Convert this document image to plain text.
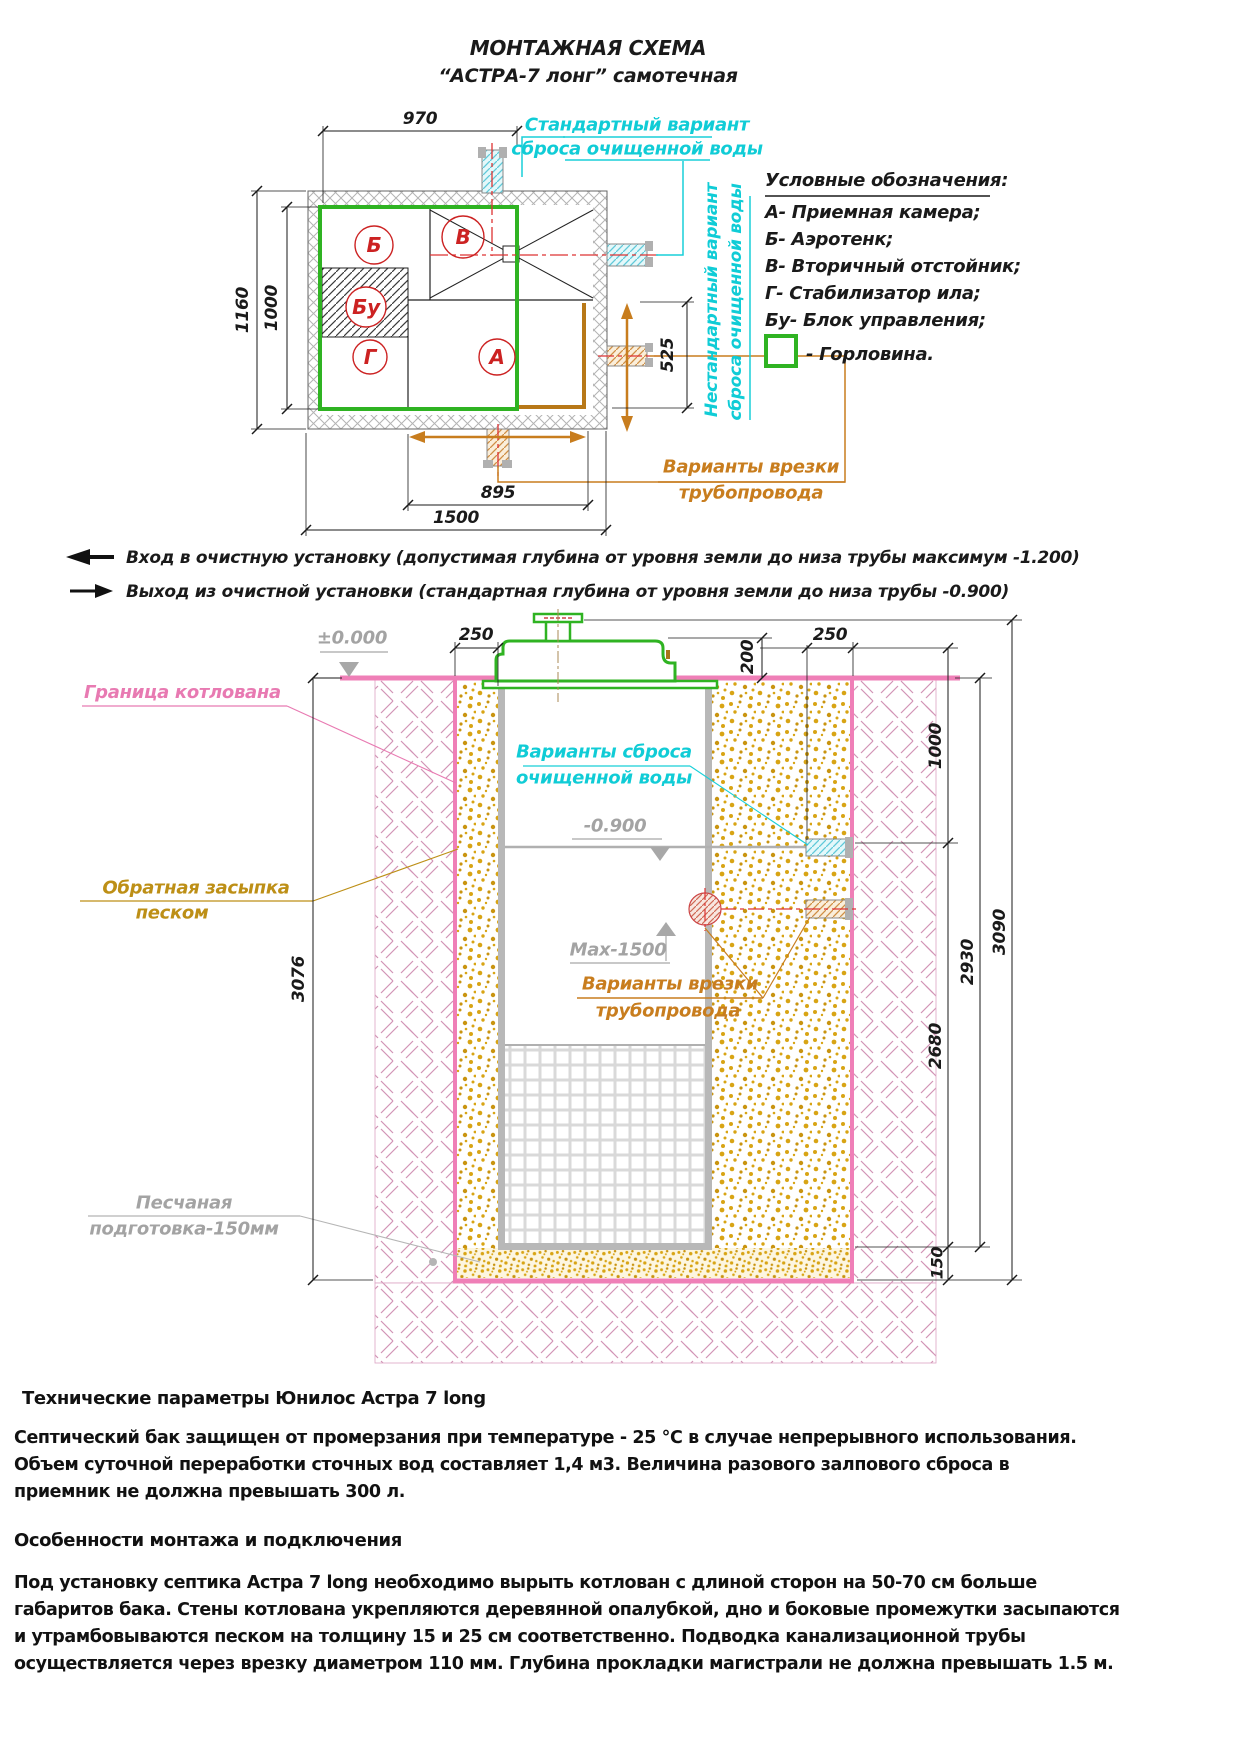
МОНТАЖНАЯ СХЕМА
“АСТРА-7 лонг” самотечная
970
1160 1000
525
895
1500
Б	В
Бу
Г	А
Стандартный вариант
сброса очищенной воды
Нестандартный вариант сброса очищенной воды
Варианты врезки
трубопровода
Условные обозначения:
А- Приемная камера;
Б- Аэротенк;
В- Вторичный отстойник;
Г- Стабилизатор ила;
Бу- Блок управления;
- Горловина.
Вход в очистную установку (допустимая глубина от уровня земли до низа трубы максимум -1.200)
Выход из очистной установки (стандартная глубина от уровня земли до низа трубы -0.900)
±0.000
Граница котлована
250
200
250
Варианты сброса
очищенной воды
-0.900
Обратная засыпка
песком
Max-1500
Варианты врезки
трубопровода
Песчаная
подготовка-150мм
3076
1000
2680
2930
3090
150
Технические параметры Юнилос Астра 7 long
Септический бак защищен от промерзания при температуре - 25 °C в случае непрерывного использования.
Объем суточной переработки сточных вод составляет 1,4 м3. Величина разового залпового сброса в
приемник не должна превышать 300 л.
Особенности монтажа и подключения
Под установку септика Астра 7 long необходимо вырыть котлован с длиной сторон на 50-70 см больше
габаритов бака. Стены котлована укрепляются деревянной опалубкой, дно и боковые промежутки засыпаются
и утрамбовываются песком на толщину 15 и 25 см соответственно. Подводка канализационной трубы
осуществляется через врезку диаметром 110 мм. Глубина прокладки магистрали не должна превышать 1.5 м.
